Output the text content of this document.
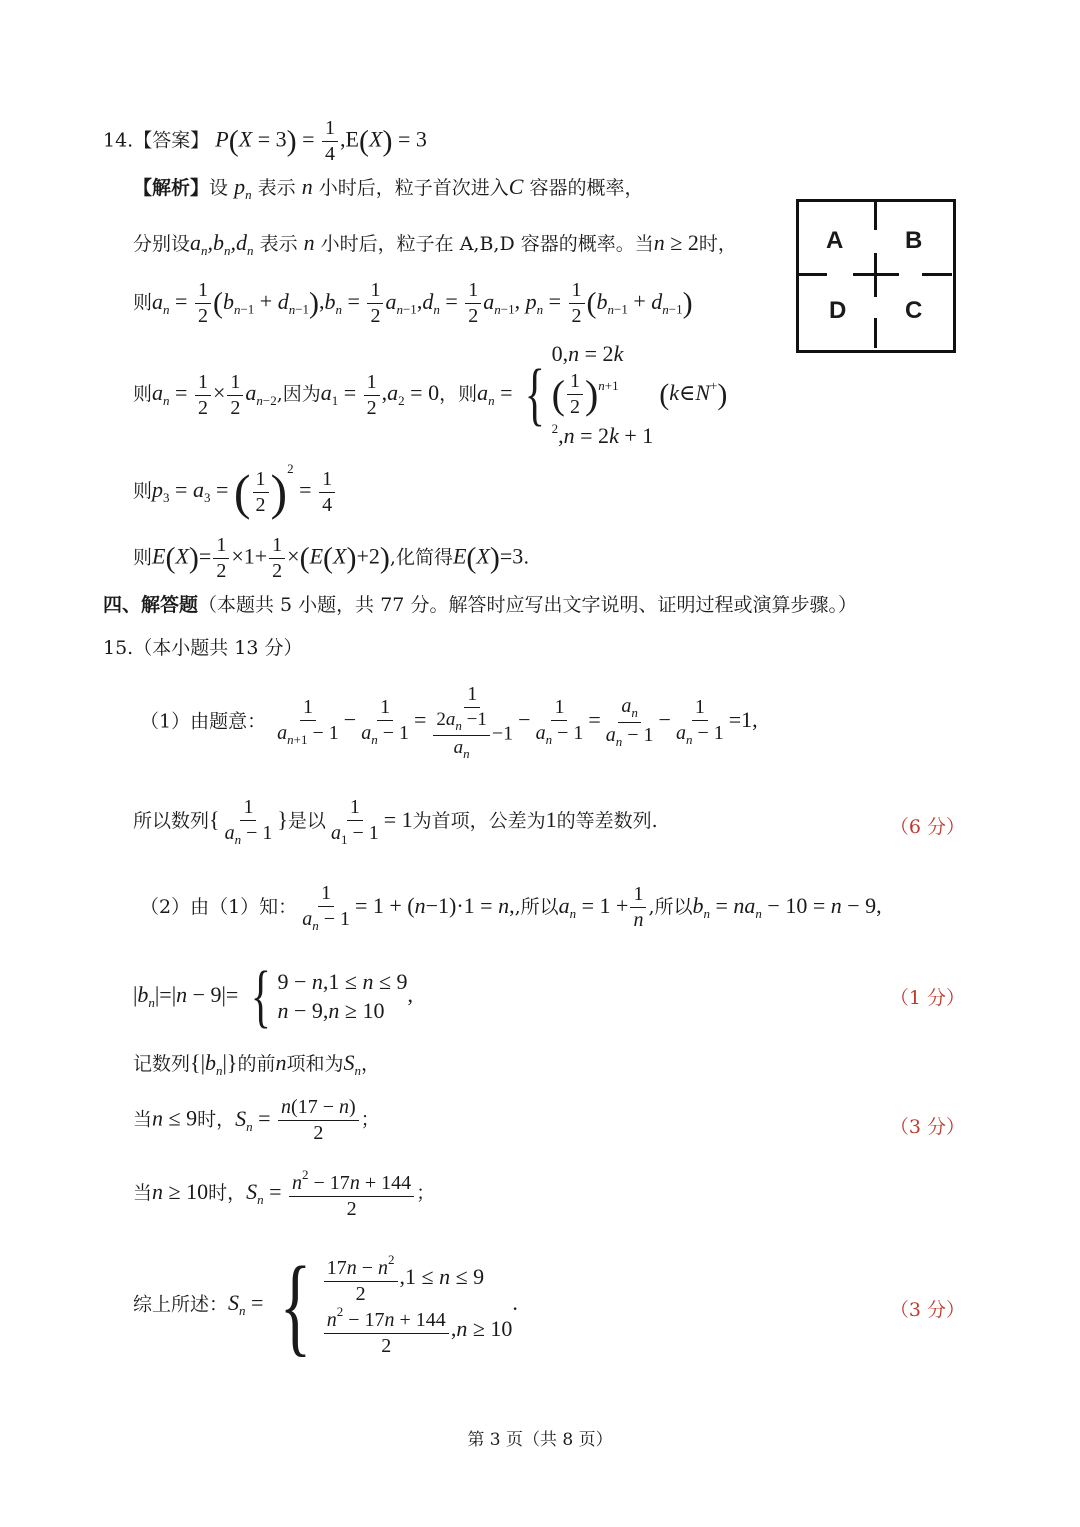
14.【答案】 $P(X = 3) = \frac{1}{4} ,E(X) = 3$
【解析】设 $p_n$ 表示 n 小时后，粒子首次进入C 容器的概率，
分别设$a_n,b_n,d_n$ 表示 n 小时后，粒子在 A,B,D 容器的概率。当n ≥ 2时，
则$a_n = \frac{1}{2} (b_{n-1} + d_{n-1}),b_n = \frac{1}{2} a_{n-1},d_n = \frac{1}{2} a_{n-1}$, $p_n = \frac{1}{2} (b_{n-1} + d_{n-1})$
则$a_n = \frac{1}{2} \times \frac{1}{2} a_{n-2}$,因为$a_1 = \frac{1}{2} ,a_2 = 0$，则$a_n$ = {
0,n = 2k
( $\frac{1}{2} )^{n+1 2},n = 2k + 1$
(k∈N+)
则$p_3 = a_3$ = ( $\frac{1}{2} )^2 = \frac{1}{4}$
则$E(X)= \frac{1}{2} \times 1+ \frac{1}{2} \times(E(X)+2)$,化简得E(X)=3.
A	B
D C
四、解答题（本题共 5 小题，共 77 分。解答时应写出文字说明、证明过程或演算步骤。）
15.（本小题共 13 分）
（1）由题意： $\frac{1}{a_{n+1} - 1} - \frac{1}{a_n - 1} = \frac{1}{\frac{2a_n -1}{a_n} -1} - \frac{1}{a_n - 1} = \frac{a_n}{a_n - 1} - \frac{1}{a_n - 1} =1$,
所以数列{ $\frac{1}{a_n - 1}$ }是以 $\frac{1}{a_1 - 1} = 1$为首项，公差为1的等差数列.	（6 分）
（2）由（1）知： $\frac{1}{a_n - 1} = 1 + (n-1)\cdot 1 = n$,,所以$a_n = 1 + \frac{1}{n}$ ,所以$b_n = na_n - 10 = n - 9$,
$|b_n|=|n - 9|=$ { 9 − n,1 ≤ n ≤ 9
n − 9,n ≥ 10
,	（1 分）
记数列$\{|b_n|\}$的前n项和为$S_n$，
当n ≤ 9时，$S_n = \frac{n(17 - n)}{2}$ ；	（3 分）
当n ≥ 10时，$S_n = \frac{n^2 - 17n + 144}{2}$ ；
综上所述：$S_n$ = { $\frac{17n - n^2}{2} ,1 \le n \le 9$
$\frac{n^2 - 17n + 144}{2} ,n \ge 10$
.	（3 分）
第 3 页（共 8 页）
